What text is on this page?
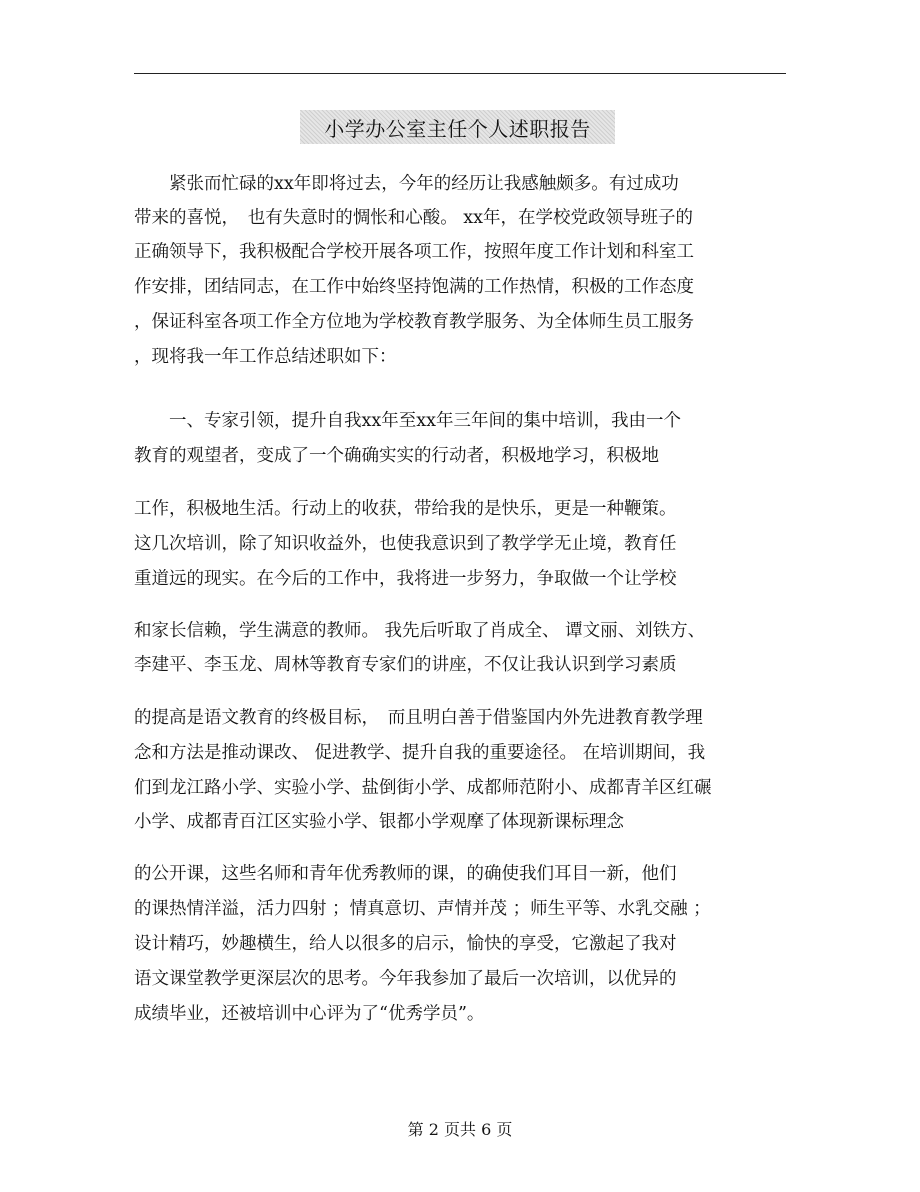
小学办公室主任个人述职报告
　　紧张而忙碌的xx年即将过去，今年的经历让我感触颇多。有过成功
带来的喜悦，　也有失意时的惆怅和心酸。 xx年，在学校党政领导班子的
正确领导下，我积极配合学校开展各项工作，按照年度工作计划和科室工
作安排，团结同志，在工作中始终坚持饱满的工作热情，积极的工作态度
，保证科室各项工作全方位地为学校教育教学服务、为全体师生员工服务
，现将我一年工作总结述职如下：
　　一、专家引领，提升自我xx年至xx年三年间的集中培训，我由一个
教育的观望者，变成了一个确确实实的行动者，积极地学习，积极地
工作，积极地生活。行动上的收获，带给我的是快乐，更是一种鞭策。
这几次培训，除了知识收益外，也使我意识到了教学学无止境，教育任
重道远的现实。在今后的工作中，我将进一步努力，争取做一个让学校
和家长信赖，学生满意的教师。 我先后听取了肖成全、 谭文丽、刘铁方、
李建平、李玉龙、周林等教育专家们的讲座，不仅让我认识到学习素质
的提高是语文教育的终极目标，　而且明白善于借鉴国内外先进教育教学理
念和方法是推动课改、 促进教学、提升自我的重要途径。 在培训期间，我
们到龙江路小学、实验小学、盐倒街小学、成都师范附小、成都青羊区红碾
小学、成都青百江区实验小学、银都小学观摩了体现新课标理念
的公开课，这些名师和青年优秀教师的课，的确使我们耳目一新，他们
的课热情洋溢，活力四射 ；情真意切、声情并茂 ；师生平等、水乳交融 ；
设计精巧，妙趣横生，给人以很多的启示，愉快的享受，它激起了我对
语文课堂教学更深层次的思考。今年我参加了最后一次培训，以优异的
成绩毕业，还被培训中心评为了“优秀学员”。
第 2 页共 6 页
